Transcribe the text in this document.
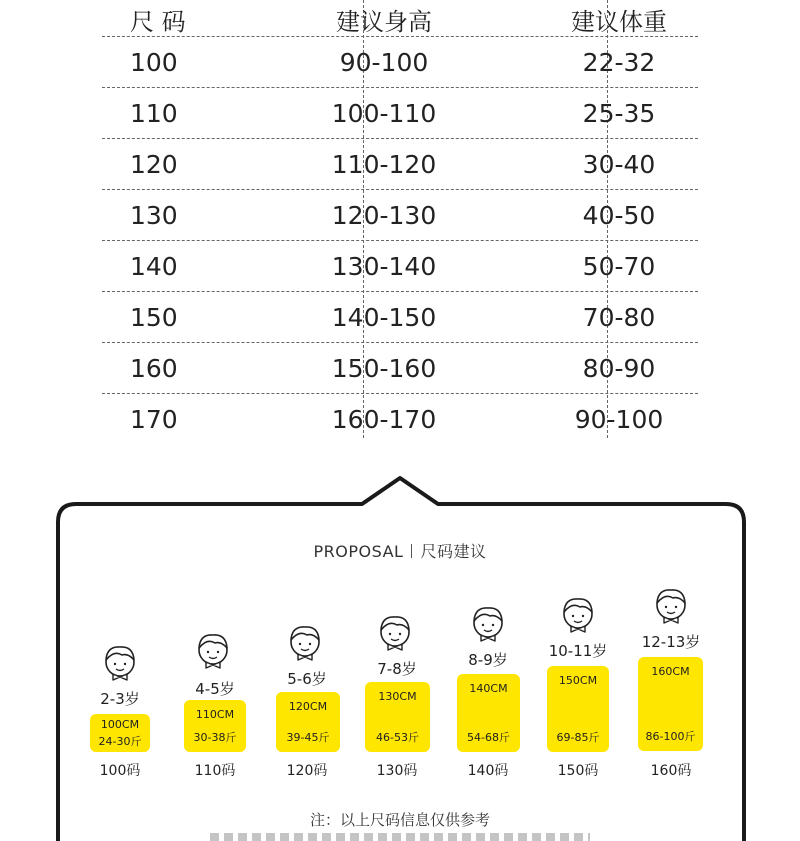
尺 码	建议身高	建议体重
100	90-100	22-32
110	100-110	25-35
120	110-120	30-40
130	120-130	40-50
140	130-140	50-70
150	140-150	70-80
160	150-160	80-90
170	160-170	90-100
PROPOSAL 尺码建议
2-3岁
100CM
24-30斤
100码
4-5岁
110CM
30-38斤
110码
5-6岁
120CM
39-45斤
120码
7-8岁
130CM
46-53斤
130码
8-9岁
140CM
54-68斤
140码
10-11岁
150CM
69-85斤
150码
12-13岁
160CM
86-100斤
160码
注：以上尺码信息仅供参考
